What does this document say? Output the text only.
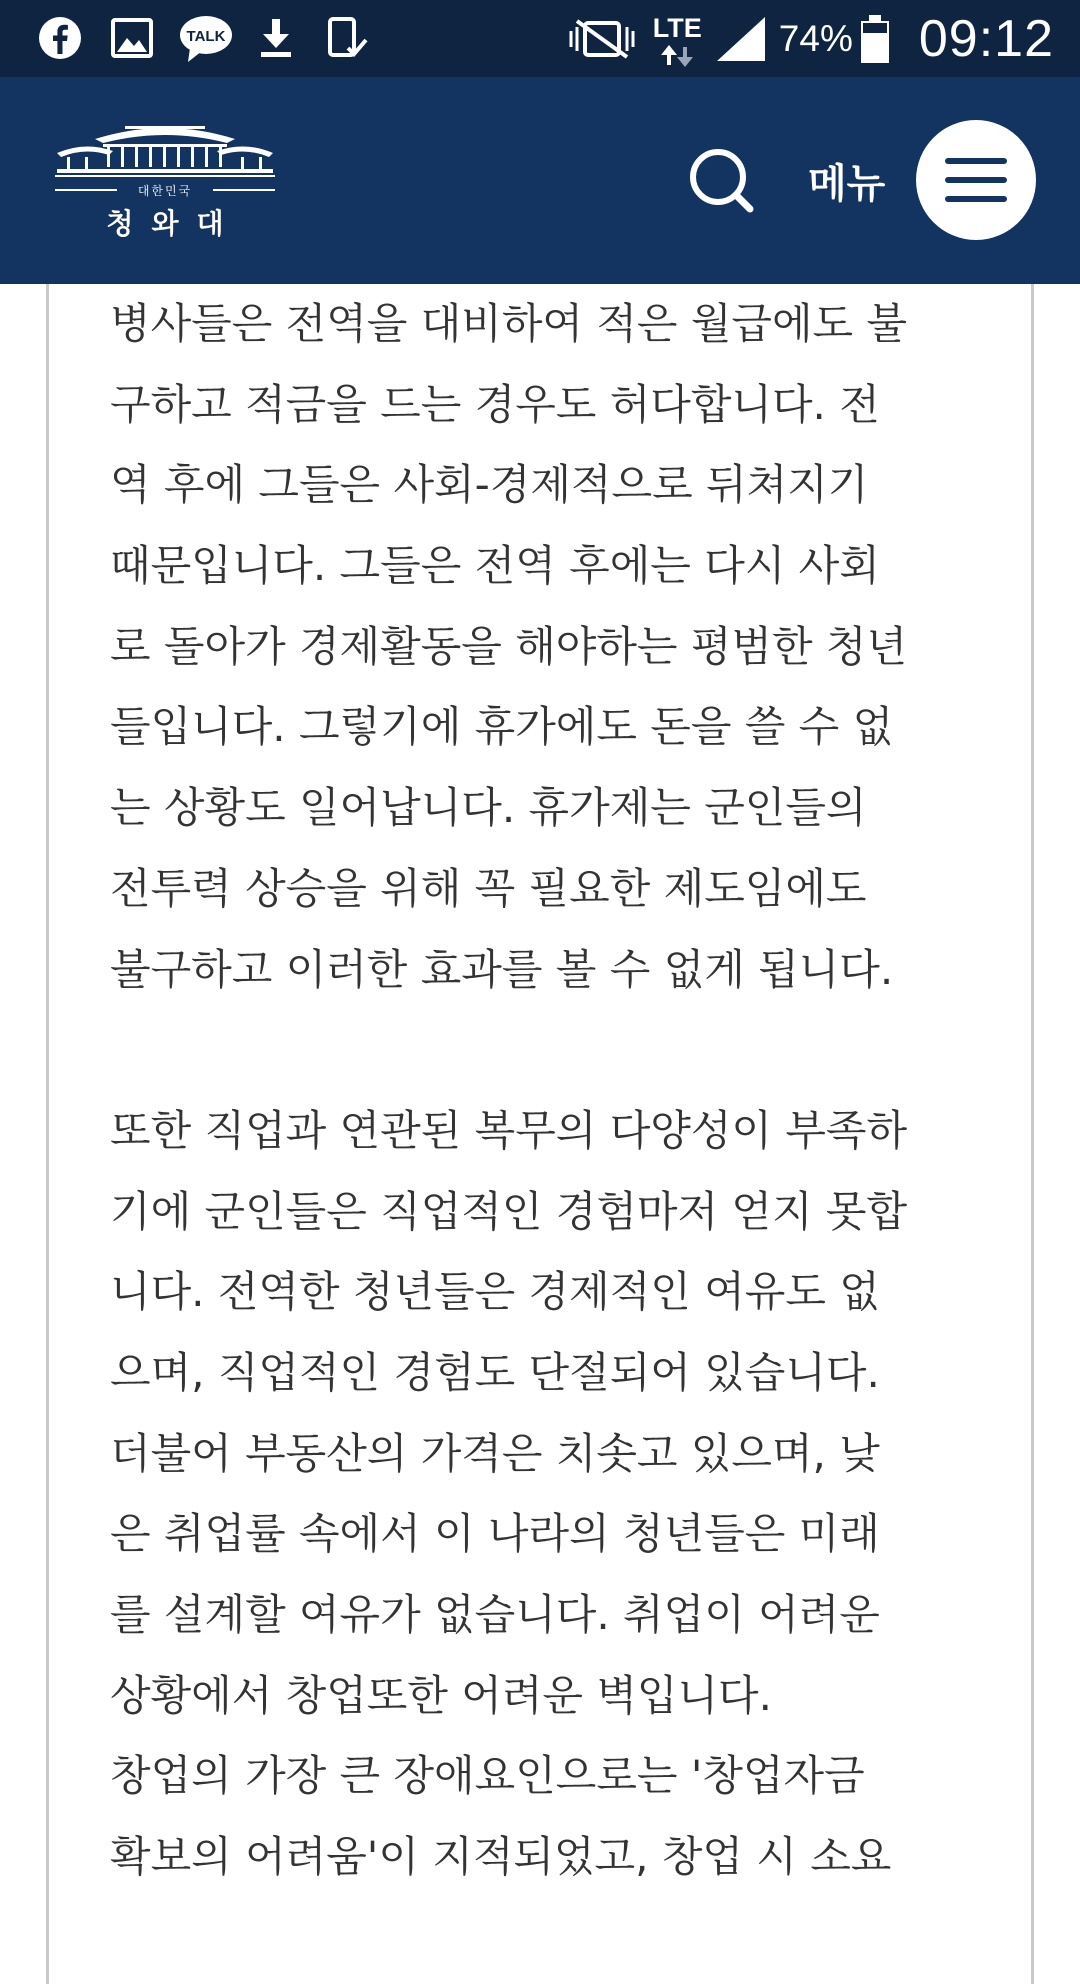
TALK	LTE 74% 09:12
대한민국
청와대
메뉴
병사들은 전역을 대비하여 적은 월급에도 불
구하고 적금을 드는 경우도 허다합니다. 전
역 후에 그들은 사회-경제적으로 뒤쳐지기
때문입니다. 그들은 전역 후에는 다시 사회
로 돌아가 경제활동을 해야하는 평범한 청년
들입니다. 그렇기에 휴가에도 돈을 쓸 수 없
는 상황도 일어납니다. 휴가제는 군인들의
전투력 상승을 위해 꼭 필요한 제도임에도
불구하고 이러한 효과를 볼 수 없게 됩니다.
또한 직업과 연관된 복무의 다양성이 부족하
기에 군인들은 직업적인 경험마저 얻지 못합
니다. 전역한 청년들은 경제적인 여유도 없
으며, 직업적인 경험도 단절되어 있습니다.
더불어 부동산의 가격은 치솟고 있으며, 낮
은 취업률 속에서 이 나라의 청년들은 미래
를 설계할 여유가 없습니다. 취업이 어려운
상황에서 창업또한 어려운 벽입니다.
창업의 가장 큰 장애요인으로는 '창업자금
확보의 어려움'이 지적되었고, 창업 시 소요
